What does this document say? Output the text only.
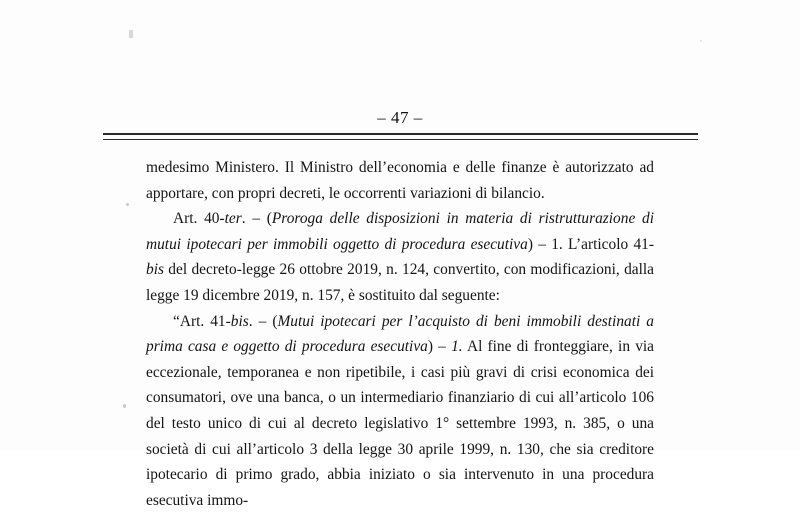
– 47 –

medesimo Ministero. Il Ministro dell’economia e delle finanze è autorizzato ad apportare, con propri decreti, le occorrenti variazioni di bilancio.

Art. 40-ter. – (Proroga delle disposizioni in materia di ristrutturazione di mutui ipotecari per immobili oggetto di procedura esecutiva) – 1. L’articolo 41-bis del decreto-legge 26 ottobre 2019, n. 124, convertito, con modificazioni, dalla legge 19 dicembre 2019, n. 157, è sostituito dal seguente:

“Art. 41-bis. – (Mutui ipotecari per l’acquisto di beni immobili destinati a prima casa e oggetto di procedura esecutiva) – 1. Al fine di fronteggiare, in via eccezionale, temporanea e non ripetibile, i casi più gravi di crisi economica dei consumatori, ove una banca, o un intermediario finanziario di cui all’articolo 106 del testo unico di cui al decreto legislativo 1° settembre 1993, n. 385, o una società di cui all’articolo 3 della legge 30 aprile 1999, n. 130, che sia creditore ipotecario di primo grado, abbia iniziato o sia intervenuto in una procedura esecutiva immo-
